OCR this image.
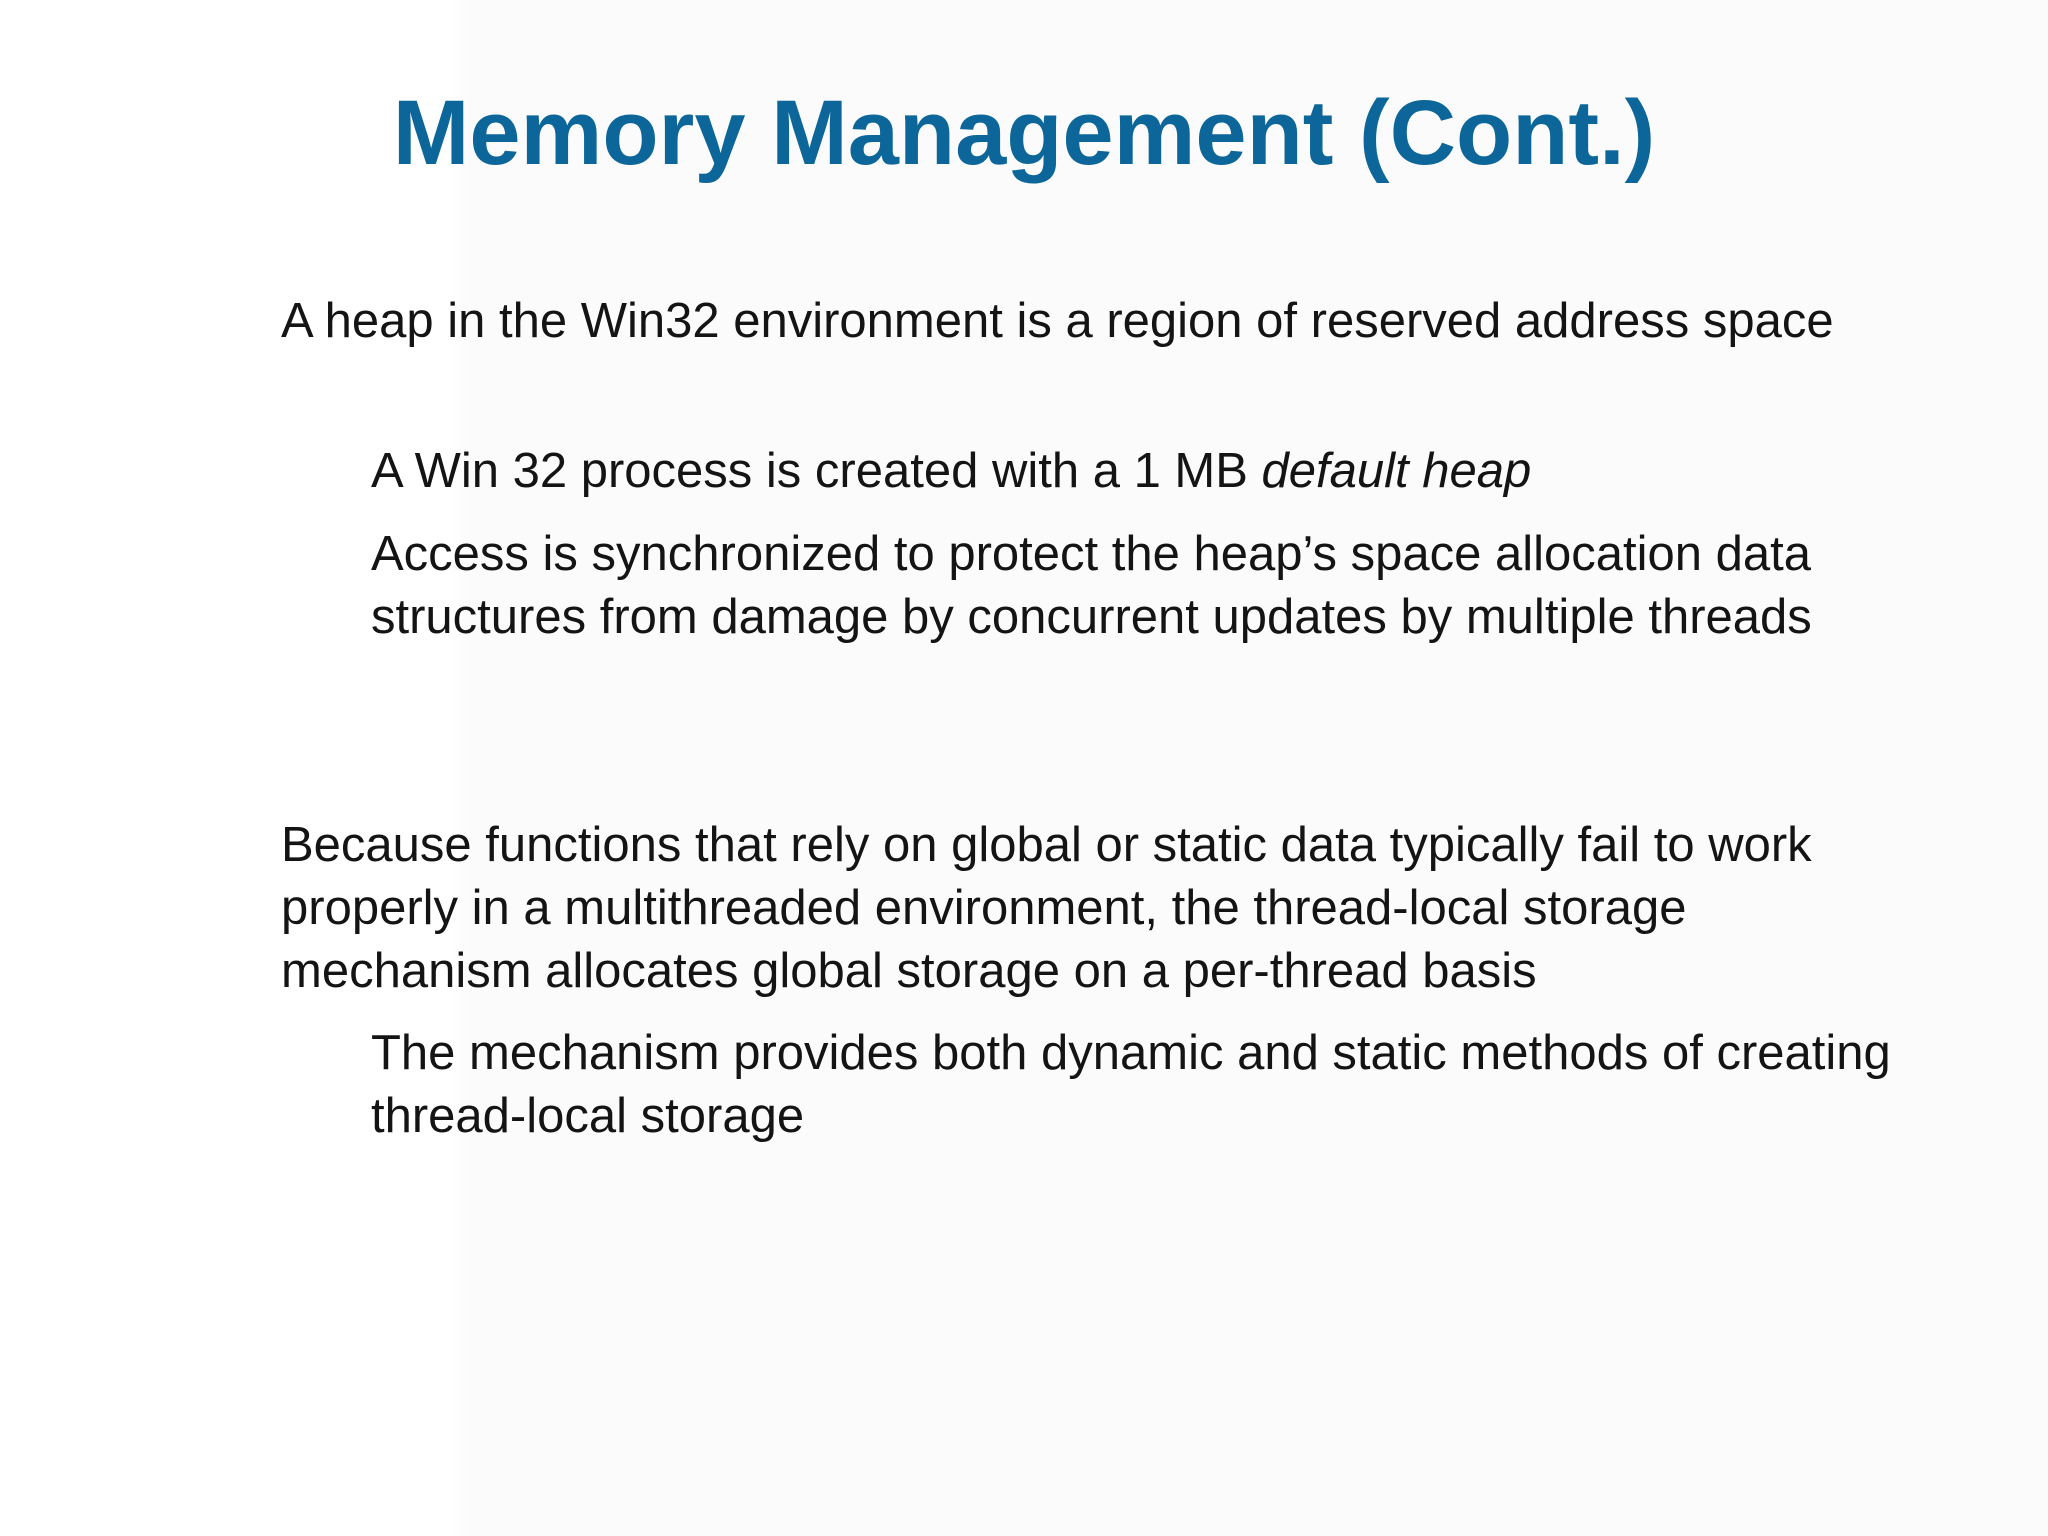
Memory Management (Cont.)

A heap in the Win32 environment is a region of reserved address space

A Win 32 process is created with a 1 MB default heap

Access is synchronized to protect the heap’s space allocation data structures from damage by concurrent updates by multiple threads

Because functions that rely on global or static data typically fail to work properly in a multithreaded environment, the thread-local storage mechanism allocates global storage on a per-thread basis

The mechanism provides both dynamic and static methods of creating thread-local storage
